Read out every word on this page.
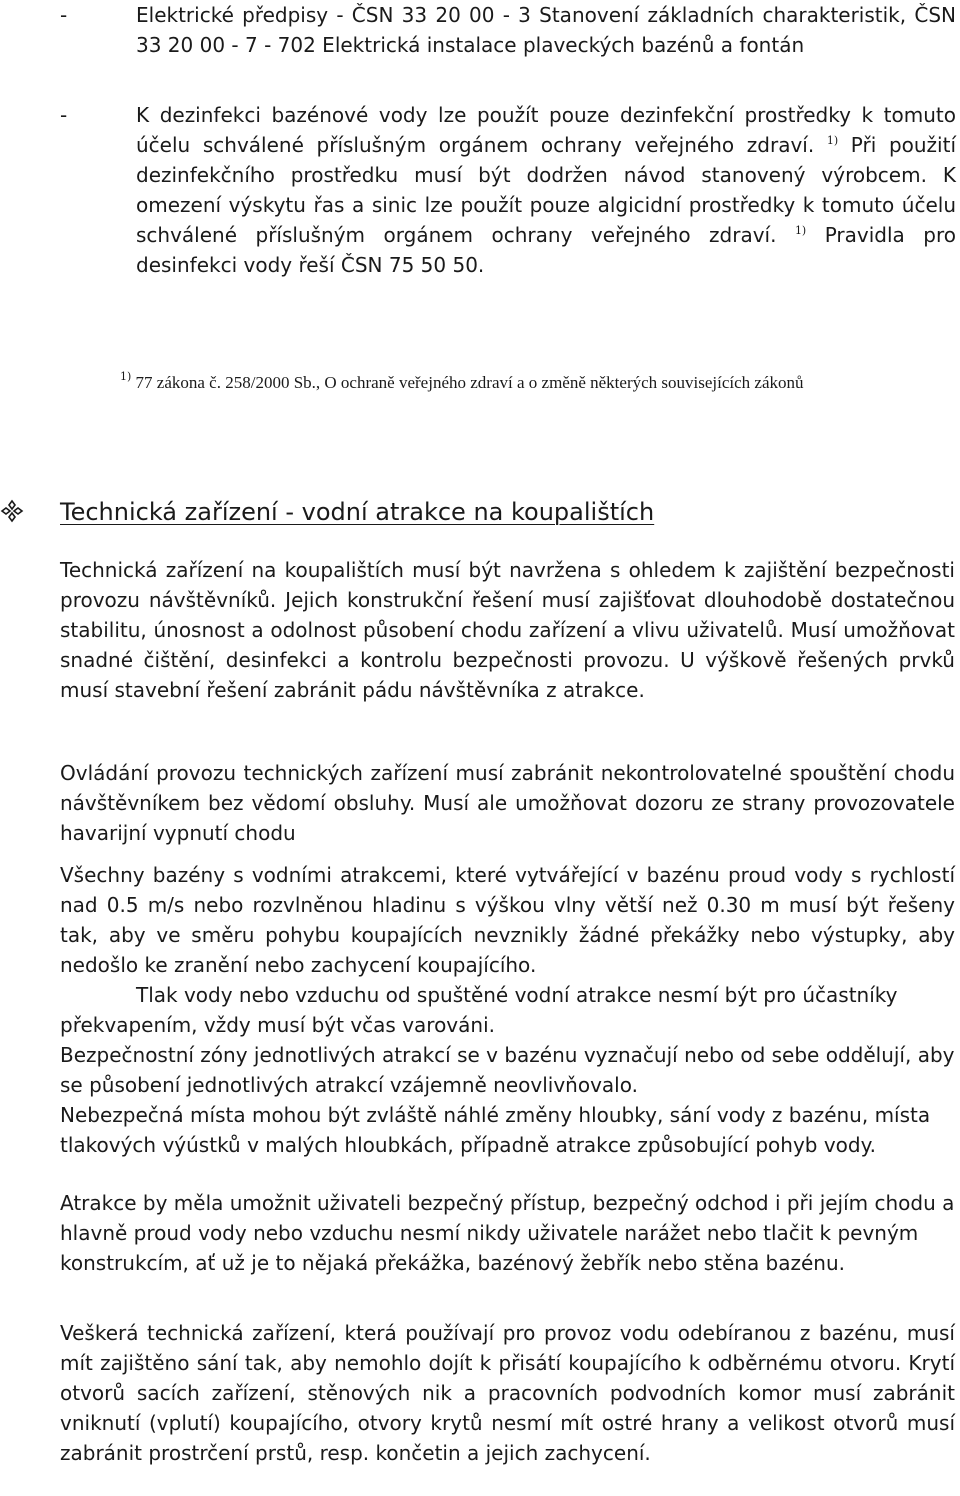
-	Elektrické předpisy - ČSN 33 20 00 - 3 Stanovení základních charakteristik, ČSN 33 20 00 - 7 - 702 Elektrická instalace plaveckých bazénů a fontán

-	K dezinfekci bazénové vody lze použít pouze dezinfekční prostředky k tomuto účelu schválené příslušným orgánem ochrany veřejného zdraví. $^{1)}$ Při použití dezinfekčního prostředku musí být dodržen návod stanovený výrobcem. K omezení výskytu řas a sinic lze použít pouze algicidní prostředky k tomuto účelu schválené příslušným orgánem ochrany veřejného zdraví. $^{1)}$ Pravidla pro desinfekci vody řeší ČSN 75 50 50.

$^{1)}$ 77 zákona č. 258/2000 Sb., O ochraně veřejného zdraví a o změně některých souvisejících zákonů

Technická zařízení - vodní atrakce na koupalištích

Technická zařízení na koupalištích musí být navržena s ohledem k zajištění bezpečnosti provozu návštěvníků. Jejich konstrukční řešení musí zajišťovat dlouhodobě dostatečnou stabilitu, únosnost a odolnost působení chodu zařízení a vlivu uživatelů. Musí umožňovat snadné čištění, desinfekci a kontrolu bezpečnosti provozu. U výškově řešených prvků musí stavební řešení zabránit pádu návštěvníka z atrakce.

Ovládání provozu technických zařízení musí zabránit nekontrolovatelné spouštění chodu návštěvníkem bez vědomí obsluhy. Musí ale umožňovat dozoru ze strany provozovatele havarijní vypnutí chodu

Všechny bazény s vodními atrakcemi, které vytvářející v bazénu proud vody s rychlostí nad 0.5 m/s nebo rozvlněnou hladinu s výškou vlny větší než 0.30 m musí být řešeny tak, aby ve směru pohybu koupajících nevznikly žádné překážky nebo výstupky, aby nedošlo ke zranění nebo zachycení koupajícího.

Tlak vody nebo vzduchu od spuštěné vodní atrakce nesmí být pro účastníky překvapením, vždy musí být včas varováni.

Bezpečnostní zóny jednotlivých atrakcí se v bazénu vyznačují nebo od sebe oddělují, aby se působení jednotlivých atrakcí vzájemně neovlivňovalo.

Nebezpečná místa mohou být zvláště náhlé změny hloubky, sání vody z bazénu, místa tlakových výústků v malých hloubkách, případně atrakce způsobující pohyb vody.

Atrakce by měla umožnit uživateli bezpečný přístup, bezpečný odchod i při jejím chodu a hlavně proud vody nebo vzduchu nesmí nikdy uživatele narážet nebo tlačit k pevným konstrukcím, ať už je to nějaká překážka, bazénový žebřík nebo stěna bazénu.

Veškerá technická zařízení, která používají pro provoz vodu odebíranou z bazénu, musí mít zajištěno sání tak, aby nemohlo dojít k přisátí koupajícího k odběrnému otvoru. Krytí otvorů sacích zařízení, stěnových nik a pracovních podvodních komor musí zabránit vniknutí (vplutí) koupajícího, otvory krytů nesmí mít ostré hrany a velikost otvorů musí zabránit prostrčení prstů, resp. končetin a jejich zachycení.
